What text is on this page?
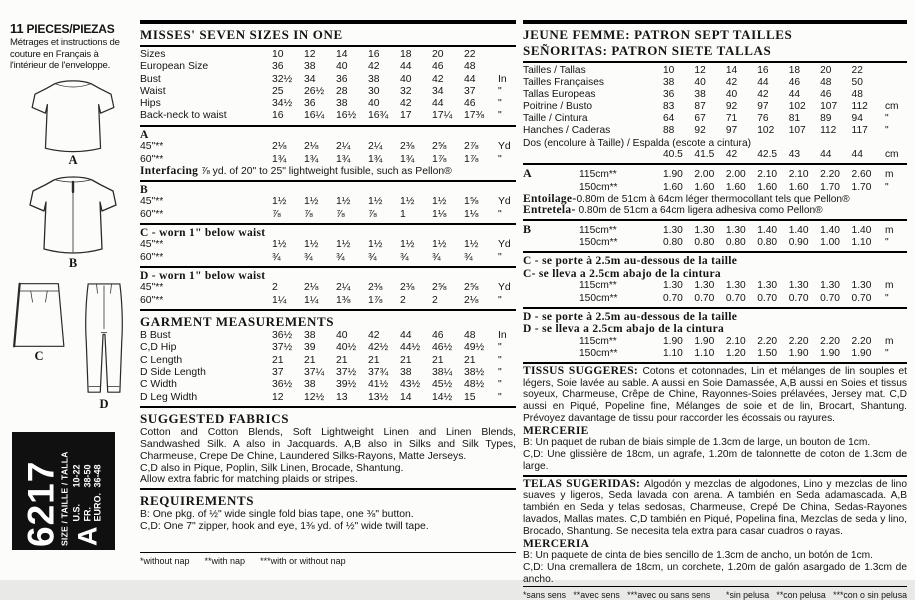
11 PIECES/PIEZAS
Métrages et instructions de couture en Français à l'intérieur de l'enveloppe.
A
B
C
D
6217
SIZE / TAILLE / TALLA A
U.S.
10-22
FR.
38-50
EURO.
36-48
MISSES' SEVEN SIZES IN ONE
Sizes	10	12	14	16	18	20	22
European Size	36	38	40	42	44	46	48
Bust	32½	34	36	38	40	42	44	In
Waist	25	26½	28	30	32	34	37	"
Hips	34½	36	38	40	42	44	46	"
Back-neck to waist	16	16¼	16½	16¾	17	17¼	17⅜	"
A
45"**	2⅛	2⅛	2¼	2¼	2⅜	2⅝	2⅞	Yd
60"**	1¾	1¾	1¾	1¾	1¾	1⅞	1⅞	"
Interfacing ⅞ yd. of 20" to 25" lightweight fusible, such as Pellon®
B
45"**	1½	1½	1½	1½	1½	1½	1⅝	Yd
60"**	⅞	⅞	⅞	⅞	1	1⅛	1⅛	"
C - worn 1" below waist
45"**	1½	1½	1½	1½	1½	1½	1½	Yd
60"**	¾	¾	¾	¾	¾	¾	¾	"
D - worn 1" below waist
45"**	2	2⅛	2¼	2⅜	2⅜	2⅝	2⅝	Yd
60"**	1¼	1¼	1⅜	1⅞	2	2	2⅛	"
GARMENT MEASUREMENTS
B Bust	36½	38	40	42	44	46	48	In
C,D Hip	37½	39	40½	42½	44½	46½	49½	"
C Length	21	21	21	21	21	21	21	"
D Side Length	37	37¼	37½	37¾	38	38¼	38½	"
C Width	36½	38	39½	41½	43½	45½	48½	"
D Leg Width	12	12½	13	13½	14	14½	15	"
SUGGESTED FABRICS
Cotton and Cotton Blends, Soft Lightweight Linen and Linen Blends, Sandwashed Silk. A also in Jacquards. A,B also in Silks and Silk Types, Charmeuse, Crepe De Chine, Laundered Silks-Rayons, Matte Jerseys.
C,D also in Pique, Poplin, Silk Linen, Brocade, Shantung.
Allow extra fabric for matching plaids or stripes.
REQUIREMENTS
B: One pkg. of ½" wide single fold bias tape, one ⅜" button.
C,D: One 7" zipper, hook and eye, 1⅜ yd. of ½" wide twill tape.
*without nap      **with nap      ***with or without nap
JEUNE FEMME: PATRON SEPT TAILLES
SEÑORITAS: PATRON SIETE TALLAS
Tailles / Tallas	10	12	14	16	18	20	22
Tailles Françaises	38	40	42	44	46	48	50
Tallas Europeas	36	38	40	42	44	46	48
Poitrine / Busto	83	87	92	97	102	107	112	cm
Taille / Cintura	64	67	71	76	81	89	94	"
Hanches / Caderas	88	92	97	102	107	112	117	"
Dos (encolure à Taille) / Espalda (escote a cintura)
40.5	41.5	42	42.5	43	44	44	cm
A	115cm**	1.90	2.00	2.00	2.10	2.10	2.20	2.60	m
150cm**	1.60	1.60	1.60	1.60	1.60	1.70	1.70	"
Entoilage-0.80m de 51cm à 64cm léger thermocollant tels que Pellon®
Entretela- 0.80m de 51cm a 64cm ligera adhesiva como Pellon®
B	115cm**	1.30	1.30	1.30	1.40	1.40	1.40	1.40	m
150cm**	0.80	0.80	0.80	0.80	0.90	1.00	1.10	"
C - se porte à 2.5m au-dessous de la taille
C- se lleva a 2.5cm abajo de la cintura
115cm**	1.30	1.30	1.30	1.30	1.30	1.30	1.30	m
150cm**	0.70	0.70	0.70	0.70	0.70	0.70	0.70	"
D - se porte à 2.5m au-dessous de la taille
D - se lleva a 2.5cm abajo de la cintura
115cm**	1.90	1.90	2.10	2.20	2.20	2.20	2.20	m
150cm**	1.10	1.10	1.20	1.50	1.90	1.90	1.90	"
TISSUS SUGGERES: Cotons et cotonnades, Lin et mélanges de lin souples et légers, Soie lavée au sable. A aussi en Soie Damassée, A,B aussi en Soies et tissus soyeux, Charmeuse, Crêpe de Chine, Rayonnes-Soies prélavées, Jersey mat. C,D aussi en Piqué, Popeline fine, Mélanges de soie et de lin, Brocart, Shantung. Prévoyez davantage de tissu pour raccorder les écossais ou rayures.
MERCERIE
B: Un paquet de ruban de biais simple de 1.3cm de large, un bouton de 1cm.
C,D: Une glissière de 18cm, un agrafe, 1.20m de talonnette de coton de 1.3cm de large.
TELAS SUGERIDAS: Algodón y mezclas de algodones, Lino y mezclas de lino suaves y ligeros, Seda lavada con arena. A también en Seda adamascada. A,B también en Seda y telas sedosas, Charmeuse, Crepé De China, Sedas-Rayones lavados, Mallas mates. C,D también en Piqué, Popelina fina, Mezclas de seda y lino, Brocado, Shantung. Se necesita tela extra para casar cuadros o rayas.
MERCERIA
B: Un paquete de cinta de bies sencillo de 1.3cm de ancho, un botón de 1cm.
C,D: Una cremallera de 18cm, un corchete, 1.20m de galón asargado de 1.3cm de ancho.
*sans sens   **avec sens   ***avec ou sans sens *sin pelusa   **con pelusa   ***con o sin pelusa
